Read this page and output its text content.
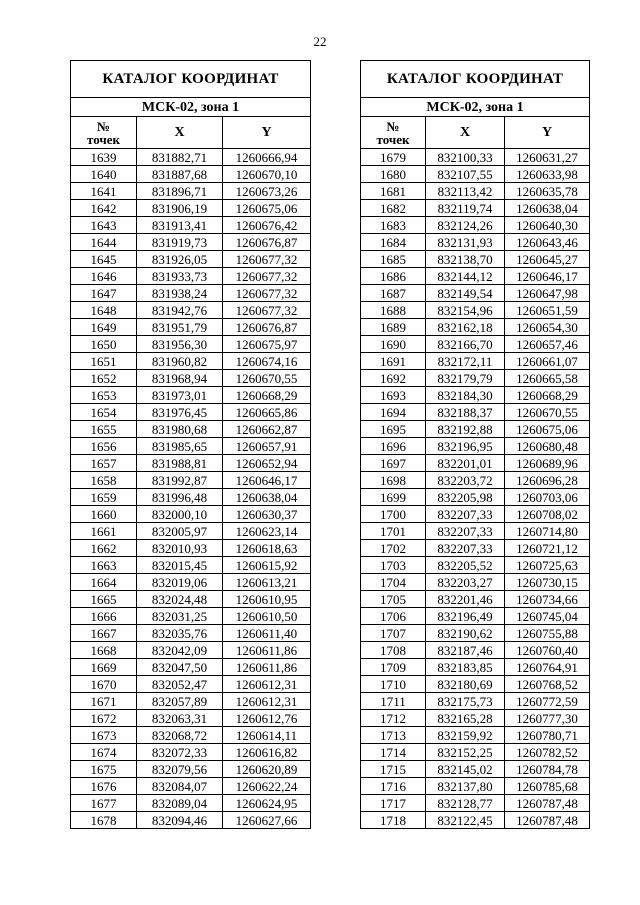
22
КАТАЛОГ КООРДИНАТ		
МСК-02, зона 1		
№
точек	X	Y
1639	831882,71	1260666,94
1640	831887,68	1260670,10
1641	831896,71	1260673,26
1642	831906,19	1260675,06
1643	831913,41	1260676,42
1644	831919,73	1260676,87
1645	831926,05	1260677,32
1646	831933,73	1260677,32
1647	831938,24	1260677,32
1648	831942,76	1260677,32
1649	831951,79	1260676,87
1650	831956,30	1260675,97
1651	831960,82	1260674,16
1652	831968,94	1260670,55
1653	831973,01	1260668,29
1654	831976,45	1260665,86
1655	831980,68	1260662,87
1656	831985,65	1260657,91
1657	831988,81	1260652,94
1658	831992,87	1260646,17
1659	831996,48	1260638,04
1660	832000,10	1260630,37
1661	832005,97	1260623,14
1662	832010,93	1260618,63
1663	832015,45	1260615,92
1664	832019,06	1260613,21
1665	832024,48	1260610,95
1666	832031,25	1260610,50
1667	832035,76	1260611,40
1668	832042,09	1260611,86
1669	832047,50	1260611,86
1670	832052,47	1260612,31
1671	832057,89	1260612,31
1672	832063,31	1260612,76
1673	832068,72	1260614,11
1674	832072,33	1260616,82
1675	832079,56	1260620,89
1676	832084,07	1260622,24
1677	832089,04	1260624,95
1678	832094,46	1260627,66
КАТАЛОГ КООРДИНАТ		
МСК-02, зона 1		
№
точек	X	Y
1679	832100,33	1260631,27
1680	832107,55	1260633,98
1681	832113,42	1260635,78
1682	832119,74	1260638,04
1683	832124,26	1260640,30
1684	832131,93	1260643,46
1685	832138,70	1260645,27
1686	832144,12	1260646,17
1687	832149,54	1260647,98
1688	832154,96	1260651,59
1689	832162,18	1260654,30
1690	832166,70	1260657,46
1691	832172,11	1260661,07
1692	832179,79	1260665,58
1693	832184,30	1260668,29
1694	832188,37	1260670,55
1695	832192,88	1260675,06
1696	832196,95	1260680,48
1697	832201,01	1260689,96
1698	832203,72	1260696,28
1699	832205,98	1260703,06
1700	832207,33	1260708,02
1701	832207,33	1260714,80
1702	832207,33	1260721,12
1703	832205,52	1260725,63
1704	832203,27	1260730,15
1705	832201,46	1260734,66
1706	832196,49	1260745,04
1707	832190,62	1260755,88
1708	832187,46	1260760,40
1709	832183,85	1260764,91
1710	832180,69	1260768,52
1711	832175,73	1260772,59
1712	832165,28	1260777,30
1713	832159,92	1260780,71
1714	832152,25	1260782,52
1715	832145,02	1260784,78
1716	832137,80	1260785,68
1717	832128,77	1260787,48
1718	832122,45	1260787,48
